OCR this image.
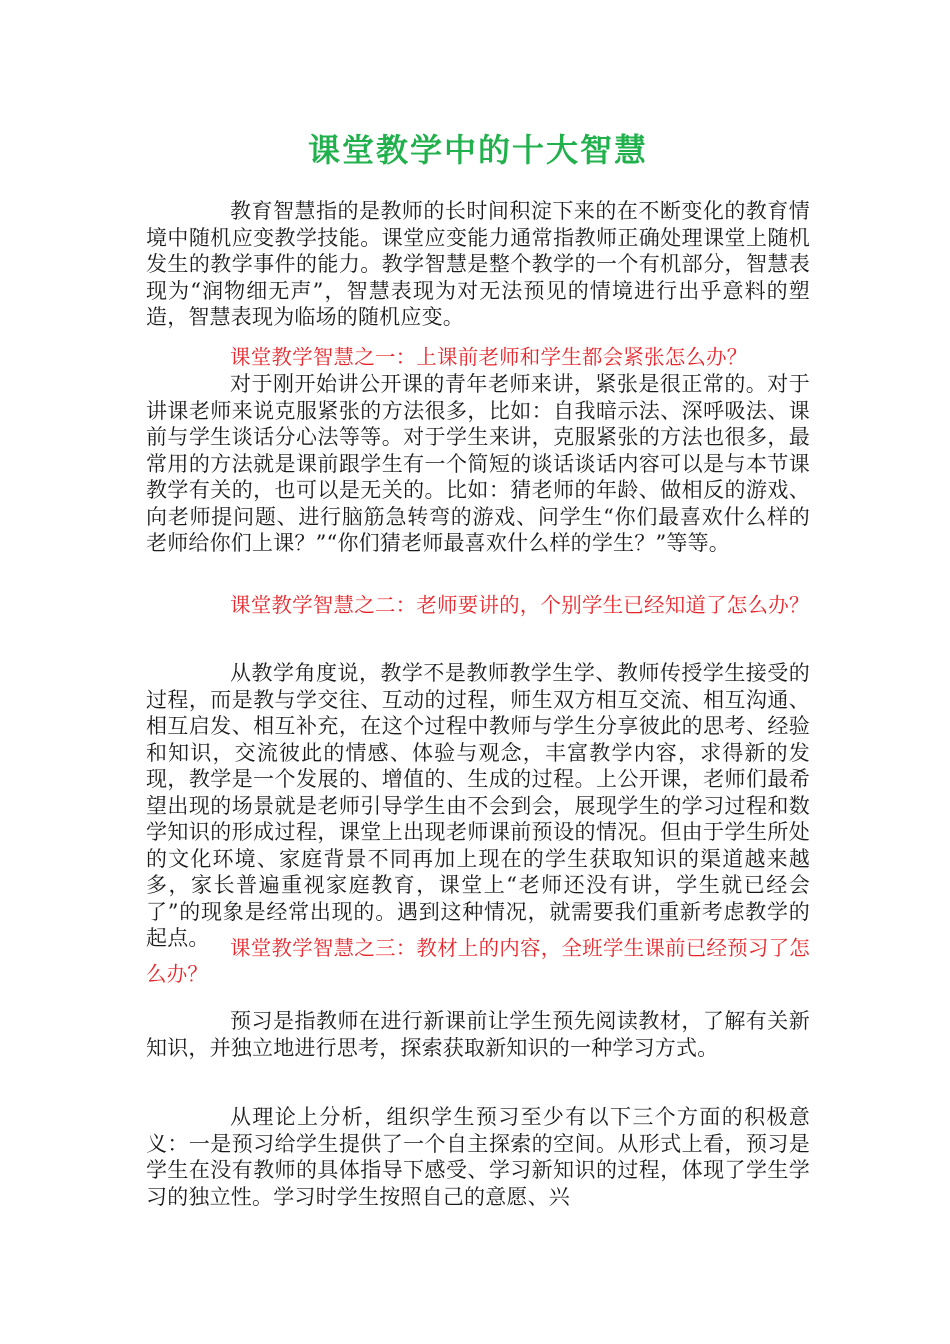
课堂教学中的十大智慧

教育智慧指的是教师的长时间积淀下来的在不断变化的教育情境中随机应变教学技能。课堂应变能力通常指教师正确处理课堂上随机发生的教学事件的能力。教学智慧是整个教学的一个有机部分，智慧表现为“润物细无声”，智慧表现为对无法预见的情境进行出乎意料的塑造，智慧表现为临场的随机应变。

课堂教学智慧之一：上课前老师和学生都会紧张怎么办？

对于刚开始讲公开课的青年老师来讲，紧张是很正常的。对于讲课老师来说克服紧张的方法很多，比如：自我暗示法、深呼吸法、课前与学生谈话分心法等等。对于学生来讲，克服紧张的方法也很多，最常用的方法就是课前跟学生有一个简短的谈话谈话内容可以是与本节课教学有关的，也可以是无关的。比如：猜老师的年龄、做相反的游戏、向老师提问题、进行脑筋急转弯的游戏、问学生“你们最喜欢什么样的老师给你们上课？”“你们猜老师最喜欢什么样的学生？”等等。

课堂教学智慧之二：老师要讲的，个别学生已经知道了怎么办？

从教学角度说，教学不是教师教学生学、教师传授学生接受的过程，而是教与学交往、互动的过程，师生双方相互交流、相互沟通、相互启发、相互补充，在这个过程中教师与学生分享彼此的思考、经验和知识，交流彼此的情感、体验与观念，丰富教学内容，求得新的发现，教学是一个发展的、增值的、生成的过程。上公开课，老师们最希望出现的场景就是老师引导学生由不会到会，展现学生的学习过程和数学知识的形成过程，课堂上出现老师课前预设的情况。但由于学生所处的文化环境、家庭背景不同再加上现在的学生获取知识的渠道越来越多，家长普遍重视家庭教育，课堂上“老师还没有讲，学生就已经会了”的现象是经常出现的。遇到这种情况，就需要我们重新考虑教学的起点。 课堂教学智慧之三：教材上的内容，全班学生课前已经预习了怎么办？

预习是指教师在进行新课前让学生预先阅读教材，了解有关新知识，并独立地进行思考，探索获取新知识的一种学习方式。

从理论上分析，组织学生预习至少有以下三个方面的积极意义：一是预习给学生提供了一个自主探索的空间。从形式上看，预习是学生在没有教师的具体指导下感受、学习新知识的过程，体现了学生学习的独立性。学习时学生按照自己的意愿、兴
